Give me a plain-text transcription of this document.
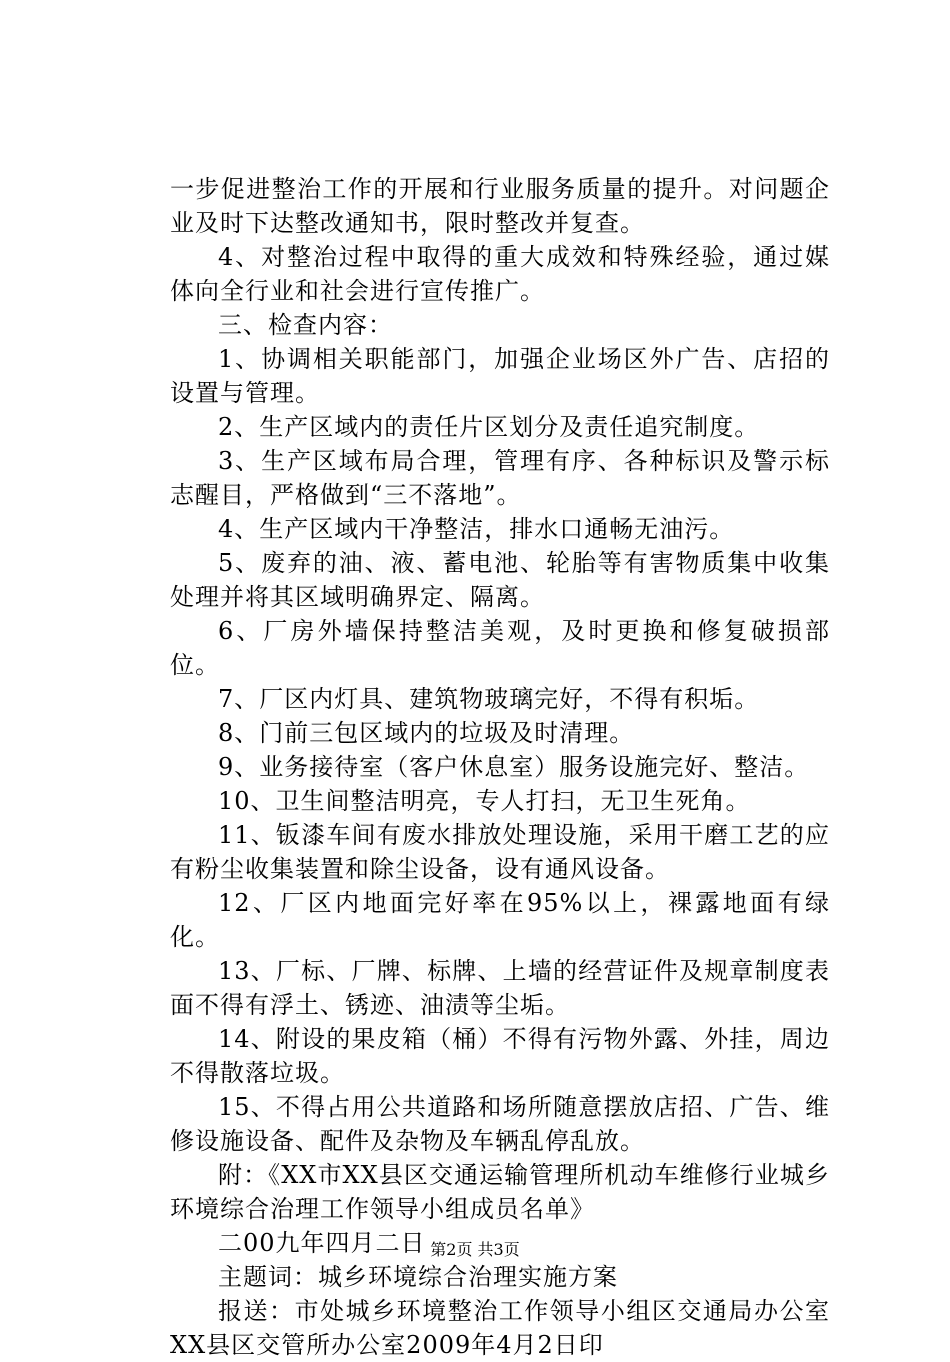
一步促进整治工作的开展和行业服务质量的提升。对问题企业及时下达整改通知书，限时整改并复查。

4、对整治过程中取得的重大成效和特殊经验，通过媒体向全行业和社会进行宣传推广。

三、检查内容：

1、协调相关职能部门，加强企业场区外广告、店招的设置与管理。

2、生产区域内的责任片区划分及责任追究制度。

3、生产区域布局合理，管理有序、各种标识及警示标志醒目，严格做到“三不落地”。

4、生产区域内干净整洁，排水口通畅无油污。

5、废弃的油、液、蓄电池、轮胎等有害物质集中收集处理并将其区域明确界定、隔离。

6、厂房外墙保持整洁美观，及时更换和修复破损部位。

7、厂区内灯具、建筑物玻璃完好，不得有积垢。

8、门前三包区域内的垃圾及时清理。

9、业务接待室（客户休息室）服务设施完好、整洁。

10、卫生间整洁明亮，专人打扫，无卫生死角。

11、钣漆车间有废水排放处理设施，采用干磨工艺的应有粉尘收集装置和除尘设备，设有通风设备。

12、厂区内地面完好率在95%以上，裸露地面有绿化。

13、厂标、厂牌、标牌、上墙的经营证件及规章制度表面不得有浮土、锈迹、油渍等尘垢。

14、附设的果皮箱（桶）不得有污物外露、外挂，周边不得散落垃圾。

15、不得占用公共道路和场所随意摆放店招、广告、维修设施设备、配件及杂物及车辆乱停乱放。

附：《XX市XX县区交通运输管理所机动车维修行业城乡环境综合治理工作领导小组成员名单》

二00九年四月二日

主题词：城乡环境综合治理实施方案

报送：市处城乡环境整治工作领导小组区交通局办公室XX县区交管所办公室2009年4月2日印

第2页 共3页
